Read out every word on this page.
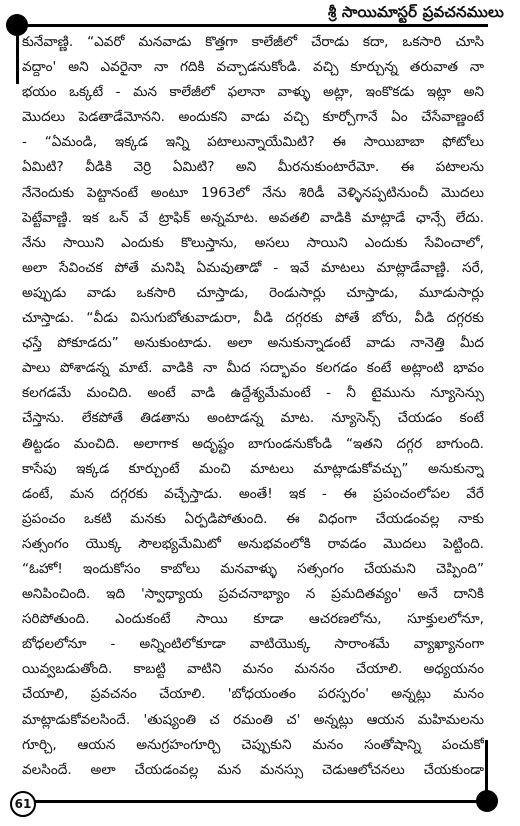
శ్రీ సాయిమాస్టర్ ప్రవచనములు
కునేవాణ్ణి. “ఎవరో మనవాడు కొత్తగా కాలేజీలో చేరాడు కదా, ఒకసారి చూసి
వద్దాం' అని ఎవరైనా నా గదికి వచ్చాడనుకోండి. వచ్చి కూర్చున్న తరువాత నా
భయం ఒక్కటే - మన కాలేజీలో ఫలానా వాళ్ళు అట్లా, ఇంకొకడు ఇట్లా అని
మొదలు పెడతాడేమోనని. అందుకని వాడు వచ్చి కూర్చోగానే ఏం చేసేవాణ్ణంటే
- “ఏమండి, ఇక్కడ ఇన్ని పటాలున్నాయేమిటి? ఈ సాయిబాబా ఫోటోలు
ఏమిటి? వీడికి వెర్రి ఏమిటి? అని మీరనుకుంటారేమో. ఈ పటాలను
నేనెందుకు పెట్టానంటే అంటూ 1963లో నేను శిరిడీ వెళ్ళినప్పటినుంచీ మొదలు
పెట్టేవాణ్ణి. ఇక ఒన్ వే ట్రాఫిక్ అన్నమాట. అవతలి వాడికి మాట్లాడే ఛాన్సే లేదు.
నేను సాయిని ఎందుకు కొలుస్తాను, అసలు సాయిని ఎందుకు సేవించాలో,
అలా సేవించక పోతే మనిషి ఏమవుతాడో - ఇవే మాటలు మాట్లాడేవాణ్ణి. సరే,
అప్పుడు వాడు ఒకసారి చూస్తాడు, రెండుసార్లు చూస్తాడు, మూడుసార్లు
చూస్తాడు. “వీడు విసుగుబోతువాడురా, వీడి దగ్గరకు పోతే బోరు, వీడి దగ్గరకు
ఛస్తే పోకూడదు” అనుకుంటాడు. అలా అనుకున్నాడంటే వాడు నానెత్తి మీద
పాలు పోశాడన్న మాటే. వాడికి నా మీద సద్భావం కలగడం కంటే అట్లాంటి భావం
కలగడమే మంచిది. అంటే వాడి ఉద్దేశ్యమేమంటే - నీ టైమును న్యూసెన్సు
చేస్తాను. లేకపోతే తిడతాను అంటాడన్న మాట. న్యూసెన్స్ చేయడం కంటే
తిట్టడం మంచిది. అలాగాక అదృష్టం బాగుండనుకోండి “ఇతని దగ్గర బాగుంది.
కాసేపు ఇక్కడ కూర్చుంటే మంచి మాటలు మాట్లాడుకోవచ్చు” అనుకున్నా
డంటే, మన దగ్గరకు వచ్చేస్తాడు. అంతే! ఇక - ఈ ప్రపంచంలోపల వేరే
ప్రపంచం ఒకటి మనకు ఏర్పడిపోతుంది. ఈ విధంగా చేయడంవల్ల నాకు
సత్సంగం యొక్క సౌలభ్యమేమిటో అనుభవంలోకి రావడం మొదలు పెట్టింది.
“ఓహో! ఇందుకోసం కాబోలు మనవాళ్ళు సత్సంగం చేయమని చెప్పింది”
అనిపించింది. ఇది 'స్వాధ్యాయ ప్రవచనాభ్యాం న ప్రమదితవ్యం' అనే దానికి
సరిపోతుంది. ఎందుకంటే సాయి కూడా ఆచరణలోను, సూక్తులలోనూ,
బోధలలోనూ - అన్నింటిలోకూడా వాటియొక్క సారాంశమే వ్యాఖ్యానంగా
యివ్వబడుతోంది. కాబట్టి వాటిని మనం మననం చేయాలి. అధ్యయనం
చేయాలి, ప్రవచనం చేయాలి. 'బోధయంతం పరస్పరం' అన్నట్లు మనం
మాట్లాడుకోవలసిందే. 'తుష్యంతి చ రమంతి చ' అన్నట్లు ఆయన మహిమలను
గూర్చి, ఆయన అనుగ్రహంగూర్చి చెప్పుకుని మనం సంతోషాన్ని పంచుకో
వలసిందే. అలా చేయడంవల్ల మన మనస్సు చెడుఆలోచనలు చేయకుండా
61
